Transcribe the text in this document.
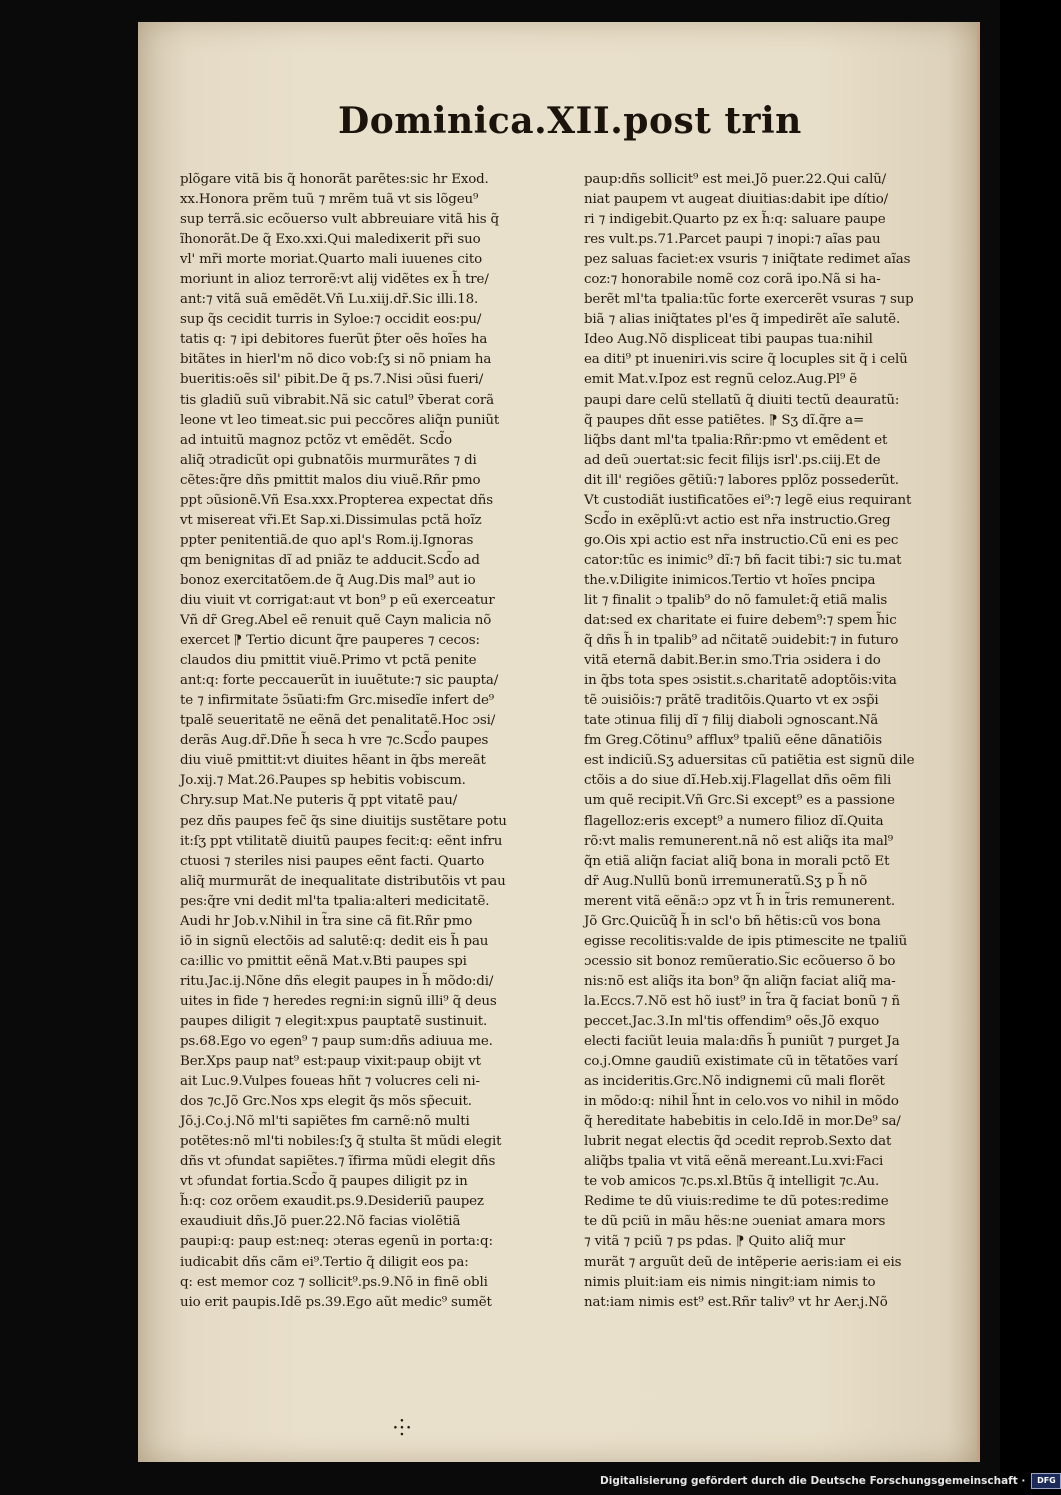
Dominica.XII.post trin
plõgare vitã bis q̃ honorãt parẽtes:sic hr Exod.
xx.Honora prẽm tuũ ⁊ mrẽm tuã vt sis lõgeu⁹
sup terrã.sic ecõuerso vult abbreuiare vitã his q̃
ĩhonorãt.De q̃ Exo.xxi.Qui maledixerit pr̃i suo
vl' mr̃i morte moriat.Quarto mali iuuenes cito
moriunt in alioz terrorẽ:vt alij vidẽtes ex h̃ tre/
ant:⁊ vitã suã emẽdẽt.Vñ Lu.xiij.dr̃.Sic illi.18.
sup q̃s cecidit turris in Syloe:⁊ occidit eos:pu/
tatis q: ⁊ ipi debitores fuerũt p̃ter oẽs hoĩes ha
bitãtes in hierl'm nõ dico vob:ſʒ si nõ pniam ha
bueritis:oẽs sil' pibit.De q̃ ps.7.Nisi ɔũsi fueri/
tis gladiũ suũ vibrabit.Nã sic catul⁹ v̄berat corã
leone vt leo timeat.sic pui peccõres aliq̃n puniũt
ad intuitũ magnoz pctõz vt emẽdẽt. Scd̃o
aliq̃ ɔtradicũt opi gubnatõis murmurãtes ⁊ di
cẽtes:q̃re dñs pmittit malos diu viuẽ.Rñr pmo
ppt ɔũsionẽ.Vñ Esa.xxx.Propterea expectat dñs
vt misereat vr̃i.Et Sap.xi.Dissimulas pctã hoĩz
ppter penitentiã.de quo apl's Rom.ij.Ignoras
qm benignitas dĩ ad pniãz te adducit.Scd̃o ad
bonoz exercitatõem.de q̃ Aug.Dis mal⁹ aut io
diu viuit vt corrigat:aut vt bon⁹ p eũ exerceatur
Vñ dr̃ Greg.Abel eẽ renuit quẽ Cayn malicia nõ
exercet ⁋ Tertio dicunt q̃re pauperes ⁊ cecos:
claudos diu pmittit viuẽ.Primo vt pctã penite
ant:q: forte peccauerũt in iuuẽtute:⁊ sic paupta/
te ⁊ infirmitate ɔ̃sũati:fm Grc.misedĩe infert de⁹
tpalẽ seueritatẽ ne eẽnã det penalitatẽ.Hoc ɔsi/
derãs Aug.dr̃.Dñe h̃ seca h vre ⁊c.Scd̃o paupes
diu viuẽ pmittit:vt diuites hẽant in q̃bs mereãt
Jo.xij.⁊ Mat.26.Paupes sp hebitis vobiscum.
Chry.sup Mat.Ne puteris q̃ ppt vitatẽ pau/
pez dñs paupes fec̃ q̃s sine diuitijs sustẽtare potu
it:ſʒ ppt vtilitatẽ diuitũ paupes fecit:q: eẽnt infru
ctuosi ⁊ steriles nisi paupes eẽnt facti. Quarto
aliq̃ murmurãt de inequalitate distributõis vt pau
pes:q̃re vni dedit ml'ta tpalia:alteri medicitatẽ.
Audi hr Job.v.Nihil in t̃ra sine cã fit.Rñr pmo
iõ in signũ electõis ad salutẽ:q: dedit eis h̃ pau
ca:illic vo pmittit eẽnã Mat.v.Bti paupes spi
ritu.Jac.ij.Nõne dñs elegit paupes in h̃ mõdo:di/
uites in fide ⁊ heredes regni:in signũ illi⁹ q̃ deus
paupes diligit ⁊ elegit:xpus pauptatẽ sustinuit.
ps.68.Ego vo egen⁹ ⁊ paup sum:dñs adiuua me.
Ber.Xps paup nat⁹ est:paup vixit:paup obijt vt
ait Luc.9.Vulpes foueas hñt ⁊ volucres celi ni-
dos ⁊c.Jõ Grc.Nos xps elegit q̃s mõs sp̃ecuit.
Jõ.j.Co.j.Nõ ml'ti sapiẽtes fm carnẽ:nõ multi
potẽtes:nõ ml'ti nobiles:ſʒ q̃ stulta s̃t mũdi elegit
dñs vt ɔfundat sapiẽtes.⁊ ĩfirma mũdi elegit dñs
vt ɔfundat fortia.Scd̃o q̃ paupes diligit pz in
h̃:q: coz orõem exaudit.ps.9.Desideriũ paupez
exaudiuit dñs.Jõ puer.22.Nõ facias violẽtiã
paupi:q: paup est:neq: ɔteras egenũ in porta:q:
iudicabit dñs cãm ei⁹.Tertio q̃ diligit eos pa:
q: est memor coz ⁊ sollicit⁹.ps.9.Nõ in finẽ obli
uio erit paupis.Idẽ ps.39.Ego aũt medic⁹ sumẽt
paup:dñs sollicit⁹ est mei.Jõ puer.22.Qui calũ/
niat paupem vt augeat diuitias:dabit ipe dítio/
ri ⁊ indigebit.Quarto pz ex h̃:q: saluare paupe
res vult.ps.71.Parcet paupi ⁊ inopi:⁊ aĩas pau
pez saluas faciet:ex vsuris ⁊ iniq̃tate redimet aĩas
coz:⁊ honorabile nomẽ coz corã ipo.Nã si ha-
berẽt ml'ta tpalia:tũc forte exercerẽt vsuras ⁊ sup
biã ⁊ alias iniq̃tates pl'es q̃ impedirẽt aĩe salutẽ.
Ideo Aug.Nõ displiceat tibi paupas tua:nihil
ea diti⁹ pt inueniri.vis scire q̃ locuples sit q̃ i celũ
emit Mat.v.Ipoz est regnũ celoz.Aug.Pl⁹ ẽ
paupi dare celũ stellatũ q̃ diuiti tectũ deauratũ:
q̃ paupes dñt esse patiẽtes. ⁋ Sʒ dĩ.q̃re a=
liq̃bs dant ml'ta tpalia:Rñr:pmo vt emẽdent et
ad deũ ɔuertat:sic fecit filijs isrl'.ps.ciij.Et de
dit ill' regiões gẽtiũ:⁊ labores pplõz possederũt.
Vt custodiãt iustificatões ei⁹:⁊ legẽ eius requirant
Scd̃o in exẽplũ:vt actio est nr̃a instructio.Greg
go.Ois xpi actio est nr̃a instructio.Cũ eni es pec
cator:tũc es inimic⁹ dĩ:⁊ bñ facit tibi:⁊ sic tu.mat
the.v.Diligite inimicos.Tertio vt hoĩes pncipa
lit ⁊ finalit ɔ tpalib⁹ do nõ famulet:q̃ etiã malis
dat:sed ex charitate ei fuire debem⁹:⁊ spem h̃ic
q̃ dñs h̃ in tpalib⁹ ad nc̃itatẽ ɔuidebit:⁊ in futuro
vitã eternã dabit.Ber.in smo.Tria ɔsidera i do
in q̃bs tota spes ɔsistit.s.charitatẽ adoptõis:vita
tẽ ɔuisiõis:⁊ prãtẽ traditõis.Quarto vt ex ɔsp̃i
tate ɔtinua filij dĩ ⁊ filij diaboli ɔgnoscant.Nã
fm Greg.Cõtinu⁹ afflux⁹ tpaliũ eẽne dãnatiõis
est indiciũ.Sʒ aduersitas cũ patiẽtia est signũ dile
ctõis a do siue dĩ.Heb.xij.Flagellat dñs oẽm fili
um quẽ recipit.Vñ Grc.Si except⁹ es a passione
flagelloz:eris except⁹ a numero filioz dĩ.Quita
rõ:vt malis remunerent.nã nõ est aliq̃s ita mal⁹
q̃n etiã aliq̃n faciat aliq̃ bona in morali pctõ Et
dr̃ Aug.Nullũ bonũ irremuneratũ.Sʒ p h̃ nõ
merent vitã eẽnã:ɔ ɔpz vt h̃ in t̃ris remunerent.
Jõ Grc.Quicũq̃ h̃ in scl'o bñ hẽtis:cũ vos bona
egisse recolitis:valde de ipis ptimescite ne tpaliũ
ɔcessio sit bonoz remũeratio.Sic ecõuerso õ bo
nis:nõ est aliq̃s ita bon⁹ q̃n aliq̃n faciat aliq̃ ma-
la.Eccs.7.Nõ est hõ iust⁹ in t̃ra q̃ faciat bonũ ⁊ ñ
peccet.Jac.3.In ml'tis offendim⁹ oẽs.Jõ exquo
electi faciũt leuia mala:dñs h̃ puniũt ⁊ purget Ja
co.j.Omne gaudiũ existimate cũ in tẽtatões varí
as incideritis.Grc.Nõ indignemi cũ mali florẽt
in mõdo:q: nihil h̃nt in celo.vos vo nihil in mõdo
q̃ hereditate habebitis in celo.Idẽ in mor.De⁹ sa/
lubrit negat electis q̃d ɔcedit reprob.Sexto dat
aliq̃bs tpalia vt vitã eẽnã mereant.Lu.xvi:Faci
te vob amicos ⁊c.ps.xl.Btũs q̃ intelligit ⁊c.Au.
Redime te dũ viuis:redime te dũ potes:redime
te dũ pciũ in mãu hẽs:ne ɔueniat amara mors
⁊ vitã ⁊ pciũ ⁊ ps pdas. ⁋ Quito aliq̃ mur
murãt ⁊ arguũt deũ de intẽperie aeris:iam ei eis
nimis pluit:iam eis nimis ningit:iam nimis to
nat:iam nimis est⁹ est.Rñr taliv⁹ vt hr Aer.j.Nõ
⸭
Digitalisierung gefördert durch die Deutsche Forschungsgemeinschaft ·	DFG
